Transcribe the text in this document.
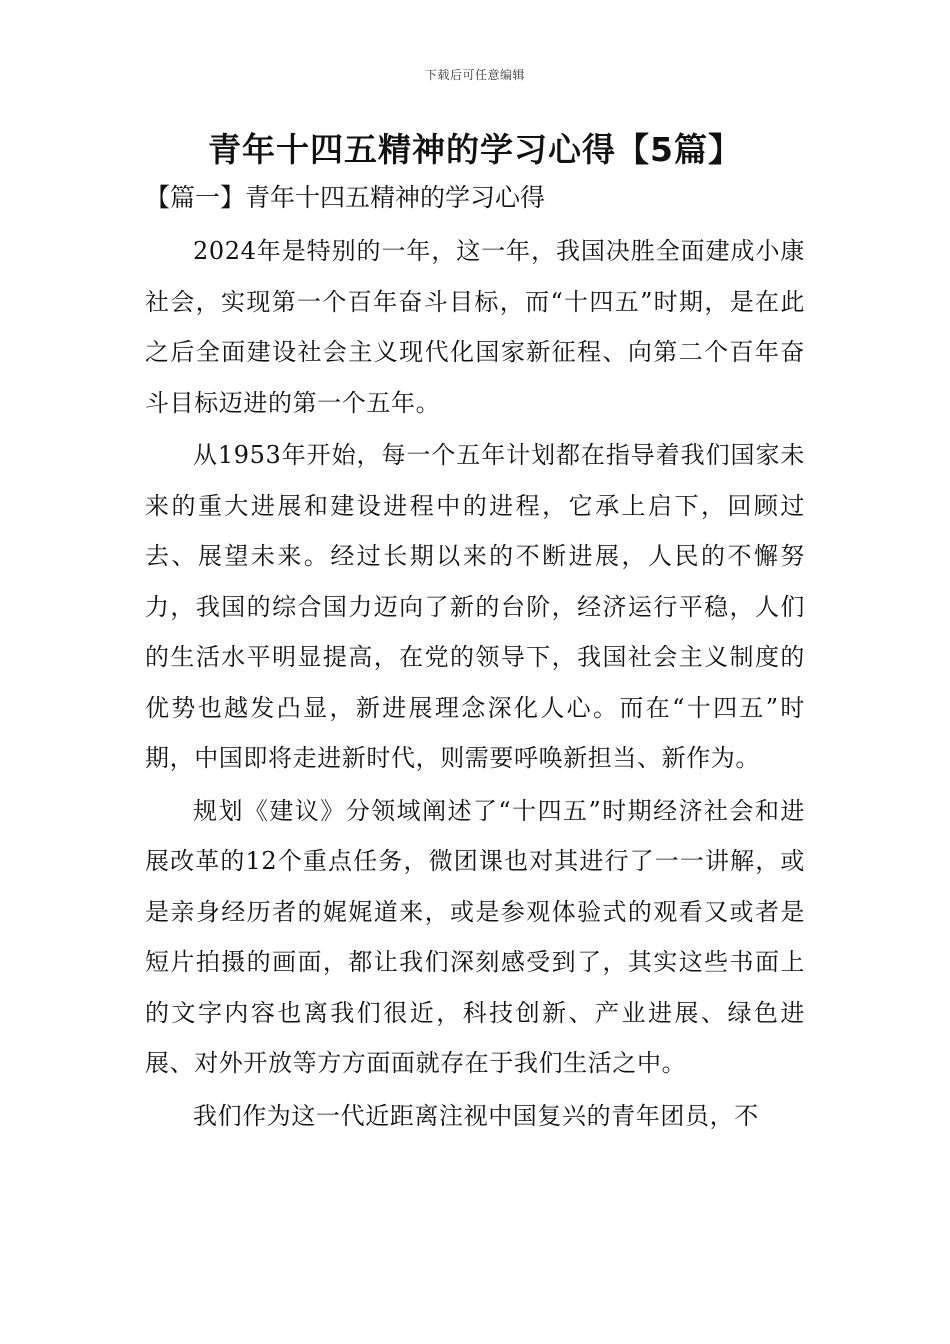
下载后可任意编辑
青年十四五精神的学习心得【5篇】
【篇一】青年十四五精神的学习心得

2024年是特别的一年，这一年，我国决胜全面建成小康社会，实现第一个百年奋斗目标，而“十四五”时期，是在此之后全面建设社会主义现代化国家新征程、向第二个百年奋斗目标迈进的第一个五年。

从1953年开始，每一个五年计划都在指导着我们国家未来的重大进展和建设进程中的进程，它承上启下，回顾过去、展望未来。经过长期以来的不断进展，人民的不懈努力，我国的综合国力迈向了新的台阶，经济运行平稳，人们的生活水平明显提高，在党的领导下，我国社会主义制度的优势也越发凸显，新进展理念深化人心。而在“十四五”时期，中国即将走进新时代，则需要呼唤新担当、新作为。

规划《建议》分领域阐述了“十四五”时期经济社会和进展改革的12个重点任务，微团课也对其进行了一一讲解，或是亲身经历者的娓娓道来，或是参观体验式的观看又或者是短片拍摄的画面，都让我们深刻感受到了，其实这些书面上的文字内容也离我们很近，科技创新、产业进展、绿色进展、对外开放等方方面面就存在于我们生活之中。

我们作为这一代近距离注视中国复兴的青年团员，不
